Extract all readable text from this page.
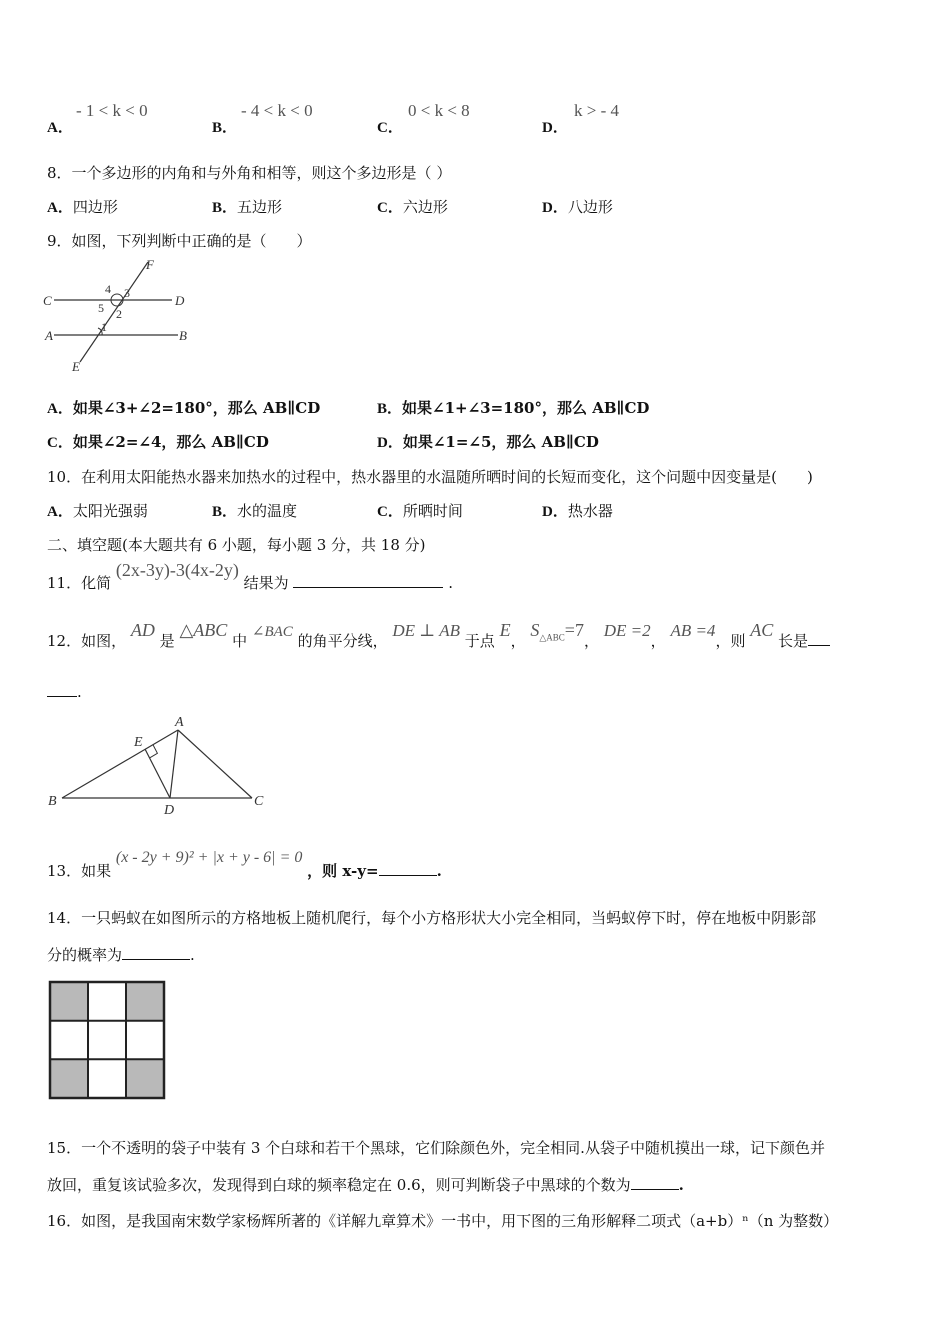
A．
- 1 < k < 0
B．
- 4 < k < 0
C．
0 < k < 8
D．
k > - 4
8．一个多边形的内角和与外角和相等，则这个多边形是（ ）
A．四边形	B．五边形	C．六边形	D．八边形
9．如图，下列判断中正确的是（　　）
F
C	D
A	B
E
4 3
5 2
1
A．如果∠3+∠2=180°，那么 AB∥CD	B．如果∠1+∠3=180°，那么 AB∥CD
C．如果∠2=∠4，那么 AB∥CD	D．如果∠1=∠5，那么 AB∥CD
10．在利用太阳能热水器来加热水的过程中，热水器里的水温随所晒时间的长短而变化，这个问题中因变量是(　　)
A．太阳光强弱	B．水的温度	C．所晒时间	D．热水器
二、填空题(本大题共有 6 小题，每小题 3 分，共 18 分)
11．化简 (2x-3y)-3(4x-2y) 结果为	.
12．如图， AD 是 △ABC 中 ∠BAC 的角平分线， DE ⊥ AB 于点 E， $S_{\triangle ABC}=7$， DE =2， AB =4，则 AC 长是
.
A
E
B
D
C
13．如果 (x - 2y + 9)² + |x + y - 6| = 0 ，则 x-y=	.
14．一只蚂蚁在如图所示的方格地板上随机爬行，每个小方格形状大小完全相同，当蚂蚁停下时，停在地板中阴影部
分的概率为	.
15．一个不透明的袋子中装有 3 个白球和若干个黑球，它们除颜色外，完全相同.从袋子中随机摸出一球，记下颜色并
放回，重复该试验多次，发现得到白球的频率稳定在 0.6，则可判断袋子中黑球的个数为	.
16．如图，是我国南宋数学家杨辉所著的《详解九章算术》一书中，用下图的三角形解释二项式（a+b）ⁿ（n 为整数）
